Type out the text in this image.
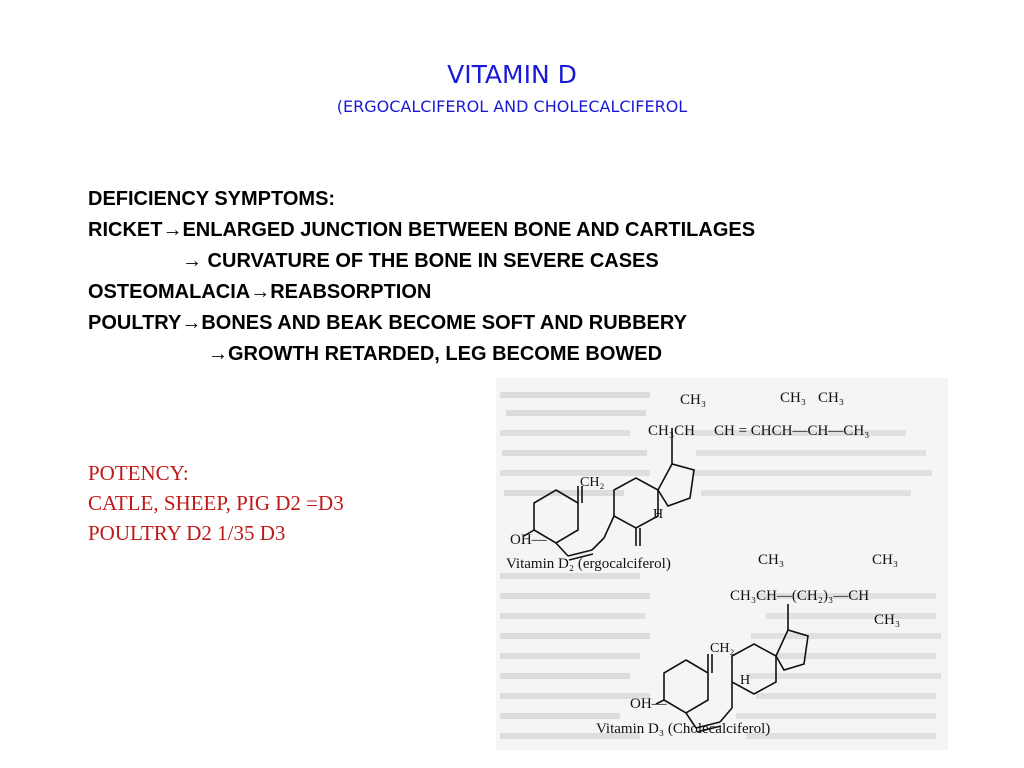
VITAMIN D
(ERGOCALCIFEROL AND CHOLECALCIFEROL
DEFICIENCY SYMPTOMS:
RICKET→ENLARGED JUNCTION BETWEEN BONE AND CARTILAGES
→ CURVATURE OF THE BONE IN SEVERE CASES
OSTEOMALACIA→REABSORPTION
POULTRY→BONES AND BEAK BECOME SOFT AND RUBBERY
→GROWTH RETARDED, LEG BECOME BOWED
POTENCY:
CATLE, SHEEP, PIG D2 =D3
POULTRY D2 1/35 D3
CH₃
CH₃CH CH = CHCH—CH—CH₃
CH₃ CH₃
CH₂
H
OH—
Vitamin D₂ (ergocalciferol)	CH₃
CH₃CH—(CH₂)₃—CH
CH₃
CH₃
CH₂
H
OH—
Vitamin D₃ (Cholecalciferol)
